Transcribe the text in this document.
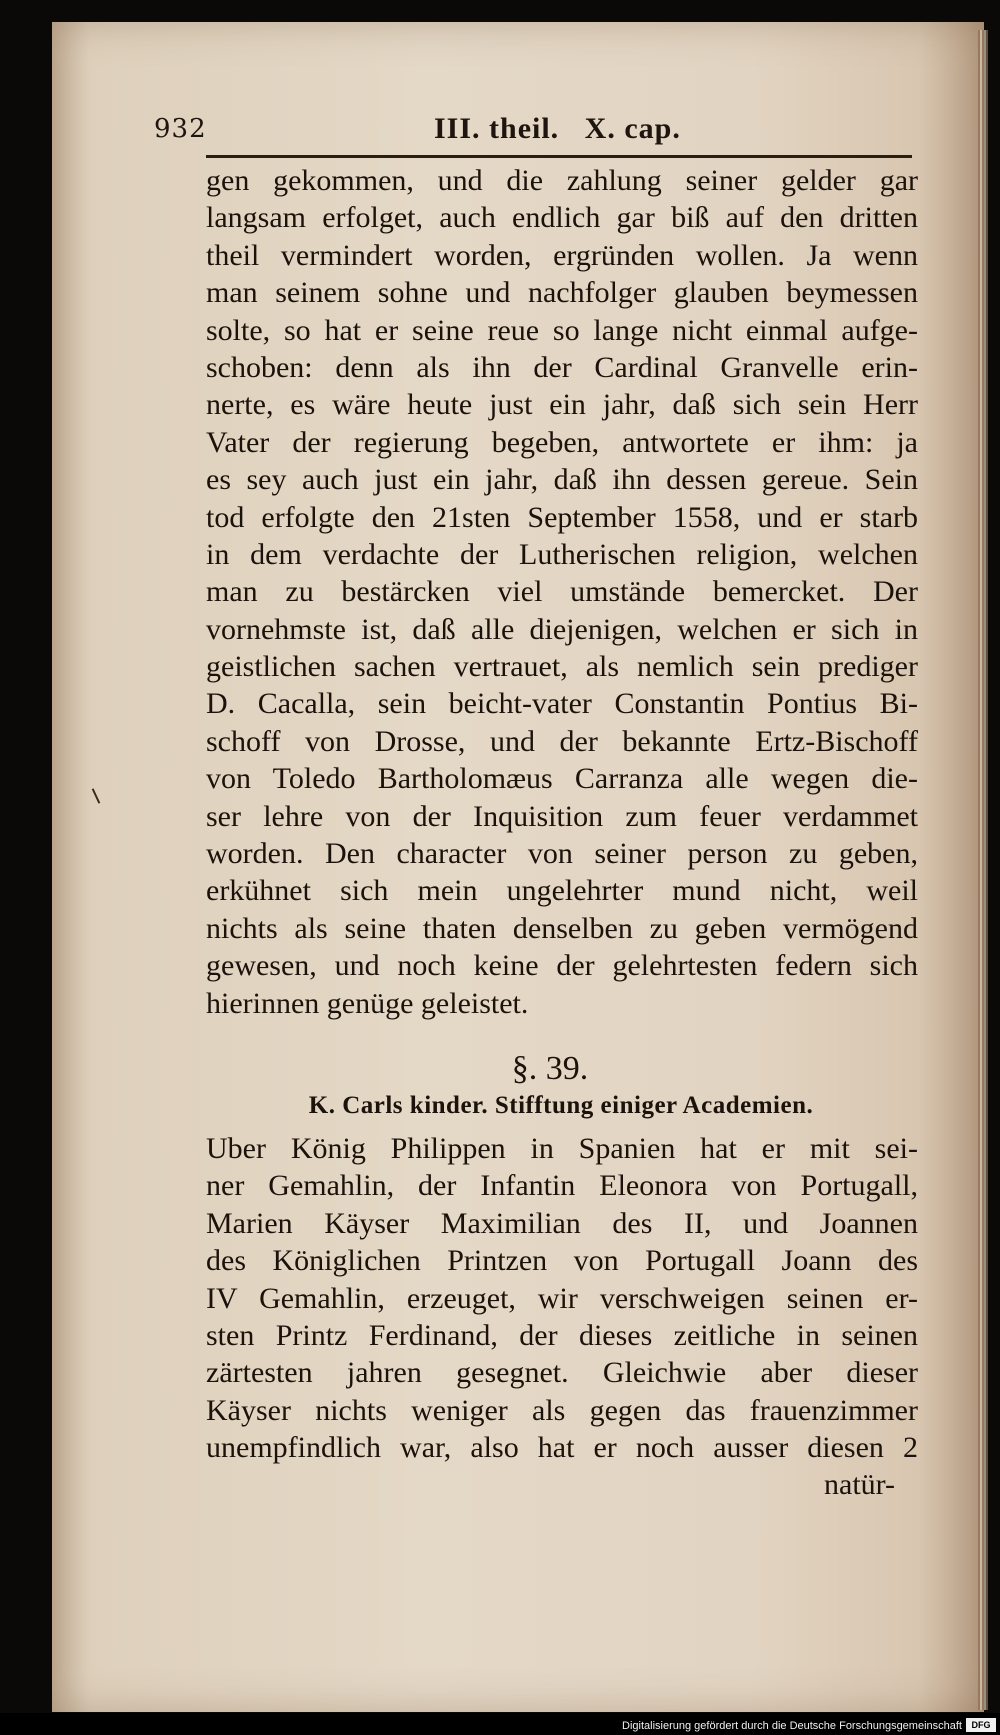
932	III. theil.   X. cap.
gen gekommen, und die zahlung seiner gelder gar
langsam erfolget, auch endlich gar biß auf den dritten
theil vermindert worden, ergründen wollen. Ja wenn
man seinem sohne und nachfolger glauben beymessen
solte, so hat er seine reue so lange nicht einmal aufge-
schoben: denn als ihn der Cardinal Granvelle erin-
nerte, es wäre heute just ein jahr, daß sich sein Herr
Vater der regierung begeben, antwortete er ihm: ja
es sey auch just ein jahr, daß ihn dessen gereue. Sein
tod erfolgte den 21sten September 1558, und er starb
in dem verdachte der Lutherischen religion, welchen
man zu bestärcken viel umstände bemercket. Der
vornehmste ist, daß alle diejenigen, welchen er sich in
geistlichen sachen vertrauet, als nemlich sein prediger
D. Cacalla, sein beicht-vater Constantin Pontius Bi-
schoff von Drosse, und der bekannte Ertz-Bischoff
von Toledo Bartholomæus Carranza alle wegen die-
ser lehre von der Inquisition zum feuer verdammet
worden. Den character von seiner person zu geben,
erkühnet sich mein ungelehrter mund nicht, weil
nichts als seine thaten denselben zu geben vermögend
gewesen, und noch keine der gelehrtesten federn sich
hierinnen genüge geleistet.
§. 39.
K. Carls kinder. Stifftung einiger Academien.
Uber König Philippen in Spanien hat er mit sei-
ner Gemahlin, der Infantin Eleonora von Portugall,
Marien Käyser Maximilian des II, und Joannen
des Königlichen Printzen von Portugall Joann des
IV Gemahlin, erzeuget, wir verschweigen seinen er-
sten Printz Ferdinand, der dieses zeitliche in seinen
zärtesten jahren gesegnet. Gleichwie aber dieser
Käyser nichts weniger als gegen das frauenzimmer
unempfindlich war, also hat er noch ausser diesen 2
natür-
Digitalisierung gefördert durch die Deutsche Forschungsgemeinschaft	DFG
